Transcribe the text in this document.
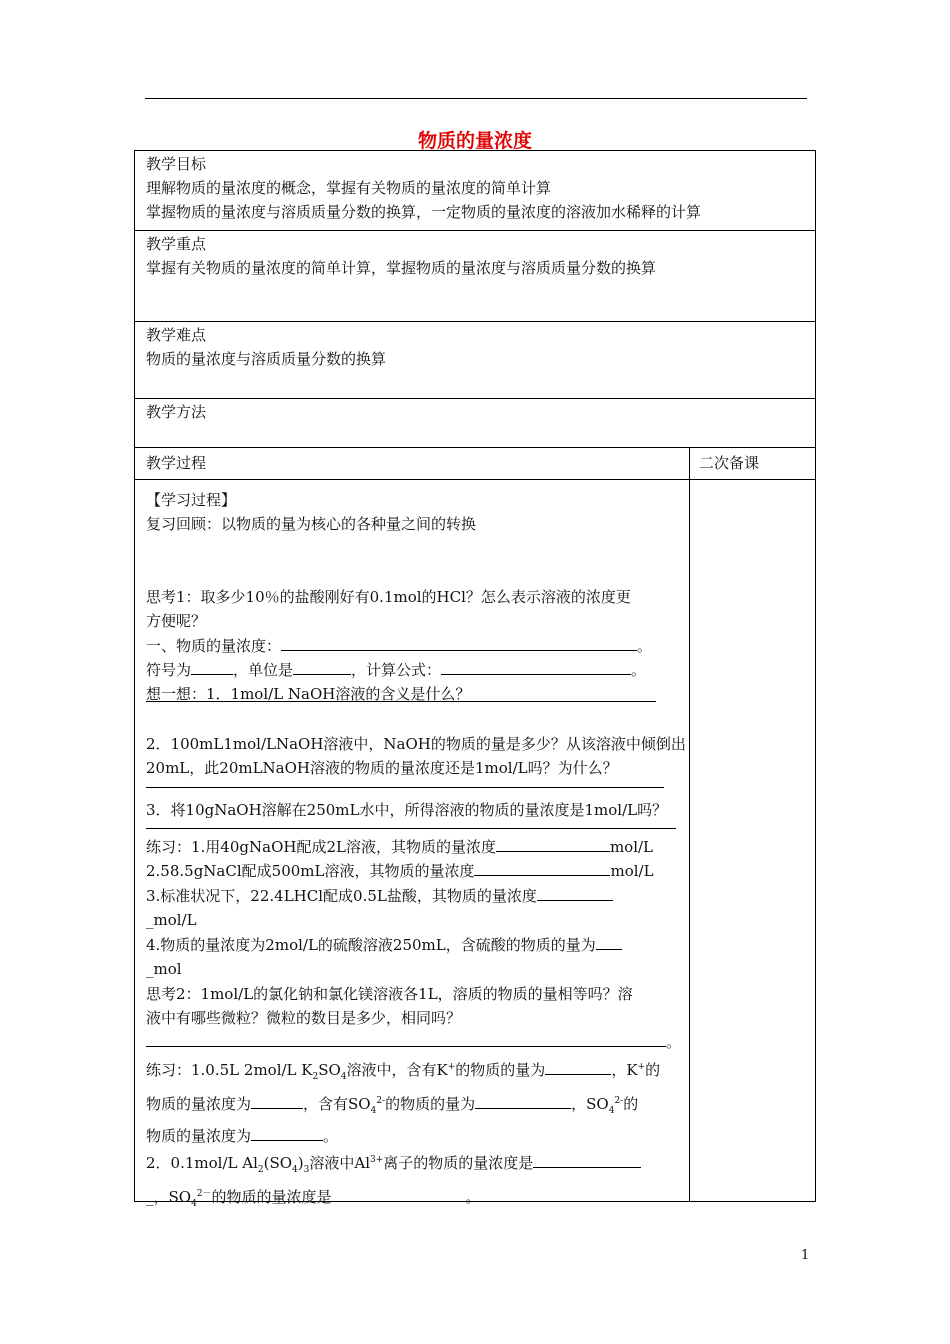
物质的量浓度
教学目标
理解物质的量浓度的概念，掌握有关物质的量浓度的简单计算
掌握物质的量浓度与溶质质量分数的换算，一定物质的量浓度的溶液加水稀释的计算
教学重点
掌握有关物质的量浓度的简单计算，掌握物质的量浓度与溶质质量分数的换算
教学难点
物质的量浓度与溶质质量分数的换算
教学方法
教学过程	二次备课
【学习过程】
复习回顾：以物质的量为核心的各种量之间的转换
思考1：取多少10％的盐酸刚好有0.1mol的HCl？怎么表示溶液的浓度更
方便呢？
一、物质的量浓度：	。
符号为	，单位是	，计算公式：	。
想一想：1．1mol/L NaOH溶液的含义是什么？
2．100mL1mol/LNaOH溶液中，NaOH的物质的量是多少？从该溶液中倾倒出
20mL，此20mLNaOH溶液的物质的量浓度还是1mol/L吗？为什么？
3．将10gNaOH溶解在250mL水中，所得溶液的物质的量浓度是1mol/L吗？
练习：1.用40gNaOH配成2L溶液，其物质的量浓度	mol/L
2.58.5gNaCl配成500mL溶液，其物质的量浓度	mol/L
3.标准状况下，22.4LHCl配成0.5L盐酸，其物质的量浓度
_mol/L
4.物质的量浓度为2mol/L的硫酸溶液250mL，含硫酸的物质的量为
_mol
思考2：1mol/L的氯化钠和氯化镁溶液各1L，溶质的物质的量相等吗？溶
液中有哪些微粒？微粒的数目是多少，相同吗？
。
练习：1.0.5L 2mol/L $K_2SO_4$溶液中，含有K+的物质的量为	，K+的
物质的量浓度为	，含有$SO_4^{2-}$的物质的量为	，$SO_4^{2-}$的
物质的量浓度为	。
2．0.1mol/L $Al_2(SO_4)_3$溶液中$Al^{3+}$离子的物质的量浓度是
_，$SO_4^{2-}$的物质的量浓度是	。
1
